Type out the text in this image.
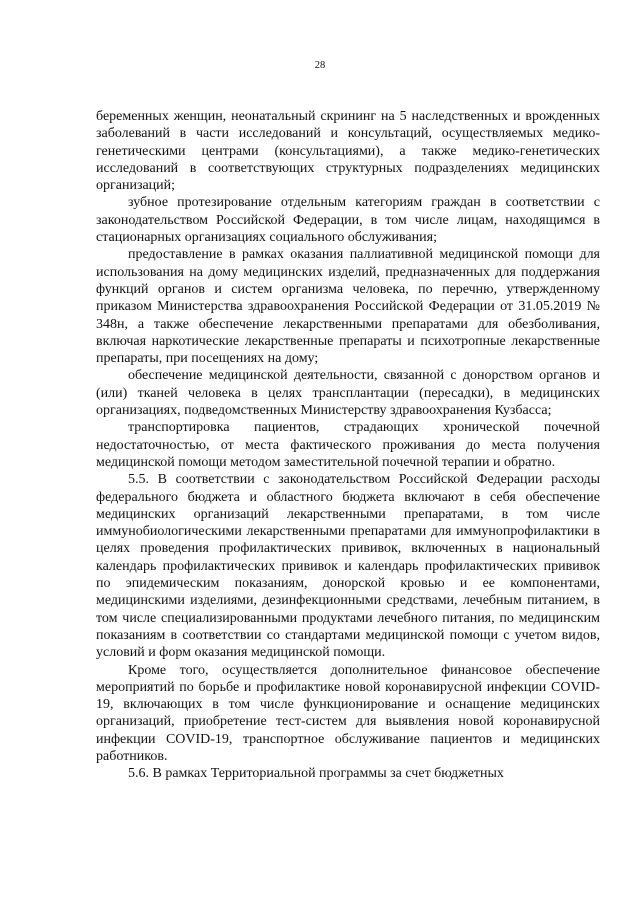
28

беременных женщин, неонатальный скрининг на 5 наследственных и врожденных заболеваний в части исследований и консультаций, осуществляемых медико-генетическими центрами (консультациями), а также медико-генетических исследований в соответствующих структурных подразделениях медицинских организаций;

зубное протезирование отдельным категориям граждан в соответствии с законодательством Российской Федерации, в том числе лицам, находящимся в стационарных организациях социального обслуживания;

предоставление в рамках оказания паллиативной медицинской помощи для использования на дому медицинских изделий, предназначенных для поддержания функций органов и систем организма человека, по перечню, утвержденному приказом Министерства здравоохранения Российской Федерации от 31.05.2019 № 348н, а также обеспечение лекарственными препаратами для обезболивания, включая наркотические лекарственные препараты и психотропные лекарственные препараты, при посещениях на дому;

обеспечение медицинской деятельности, связанной с донорством органов и (или) тканей человека в целях трансплантации (пересадки), в медицинских организациях, подведомственных Министерству здравоохранения Кузбасса;

транспортировка пациентов, страдающих хронической почечной недостаточностью, от места фактического проживания до места получения медицинской помощи методом заместительной почечной терапии и обратно.

5.5. В соответствии с законодательством Российской Федерации расходы федерального бюджета и областного бюджета включают в себя обеспечение медицинских организаций лекарственными препаратами, в том числе иммунобиологическими лекарственными препаратами для иммунопрофилактики в целях проведения профилактических прививок, включенных в национальный календарь профилактических прививок и календарь профилактических прививок по эпидемическим показаниям, донорской кровью и ее компонентами, медицинскими изделиями, дезинфекционными средствами, лечебным питанием, в том числе специализированными продуктами лечебного питания, по медицинским показаниям в соответствии со стандартами медицинской помощи с учетом видов, условий и форм оказания медицинской помощи.

Кроме того, осуществляется дополнительное финансовое обеспечение мероприятий по борьбе и профилактике новой коронавирусной инфекции COVID-19, включающих в том числе функционирование и оснащение медицинских организаций, приобретение тест-систем для выявления новой коронавирусной инфекции COVID-19, транспортное обслуживание пациентов и медицинских работников.

5.6. В рамках Территориальной программы за счет бюджетных
